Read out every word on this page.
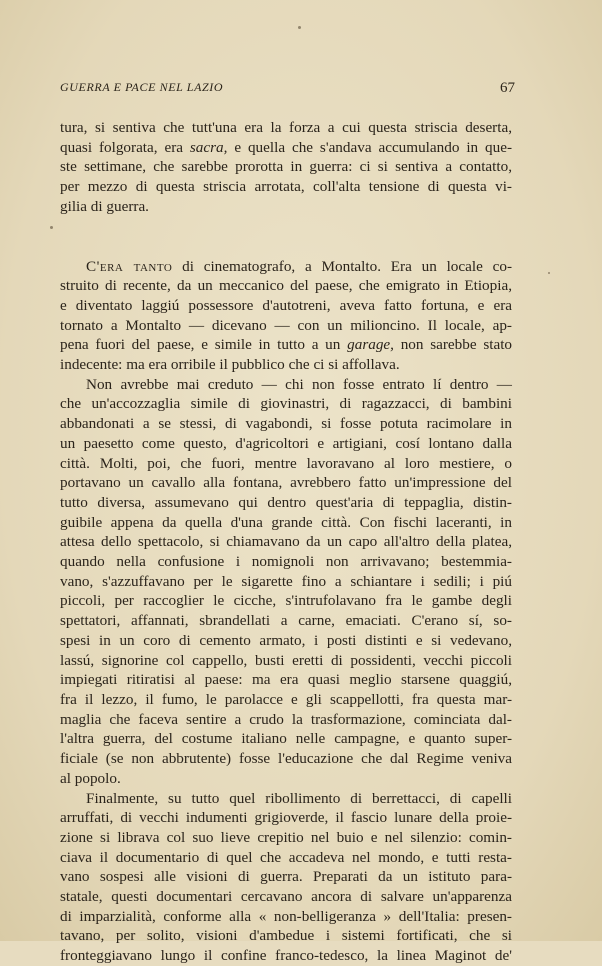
GUERRA E PACE NEL LAZIO	67

tura, si sentiva che tutt'una era la forza a cui questa striscia deserta,

quasi folgorata, era sacra, e quella che s'andava accumulando in que-

ste settimane, che sarebbe prorotta in guerra: ci si sentiva a contatto,

per mezzo di questa striscia arrotata, coll'alta tensione di questa vi-

gilia di guerra.

C'era tanto di cinematografo, a Montalto. Era un locale co-

struito di recente, da un meccanico del paese, che emigrato in Etiopia,

e diventato laggiú possessore d'autotreni, aveva fatto fortuna, e era

tornato a Montalto — dicevano — con un milioncino. Il locale, ap-

pena fuori del paese, e simile in tutto a un garage, non sarebbe stato

indecente: ma era orribile il pubblico che ci si affollava.

Non avrebbe mai creduto — chi non fosse entrato lí dentro —

che un'accozzaglia simile di giovinastri, di ragazzacci, di bambini

abbandonati a se stessi, di vagabondi, si fosse potuta racimolare in

un paesetto come questo, d'agricoltori e artigiani, cosí lontano dalla

città. Molti, poi, che fuori, mentre lavoravano al loro mestiere, o

portavano un cavallo alla fontana, avrebbero fatto un'impressione del

tutto diversa, assumevano qui dentro quest'aria di teppaglia, distin-

guibile appena da quella d'una grande città. Con fischi laceranti, in

attesa dello spettacolo, si chiamavano da un capo all'altro della platea,

quando nella confusione i nomignoli non arrivavano; bestemmia-

vano, s'azzuffavano per le sigarette fino a schiantare i sedili; i piú

piccoli, per raccoglier le cicche, s'intrufolavano fra le gambe degli

spettatori, affannati, sbrandellati a carne, emaciati. C'erano sí, so-

spesi in un coro di cemento armato, i posti distinti e si vedevano,

lassú, signorine col cappello, busti eretti di possidenti, vecchi piccoli

impiegati ritiratisi al paese: ma era quasi meglio starsene quaggiú,

fra il lezzo, il fumo, le parolacce e gli scappellotti, fra questa mar-

maglia che faceva sentire a crudo la trasformazione, cominciata dal-

l'altra guerra, del costume italiano nelle campagne, e quanto super-

ficiale (se non abbrutente) fosse l'educazione che dal Regime veniva

al popolo.

Finalmente, su tutto quel ribollimento di berrettacci, di capelli

arruffati, di vecchi indumenti grigioverde, il fascio lunare della proie-

zione si librava col suo lieve crepitio nel buio e nel silenzio: comin-

ciava il documentario di quel che accadeva nel mondo, e tutti resta-

vano sospesi alle visioni di guerra. Preparati da un istituto para-

statale, questi documentari cercavano ancora di salvare un'apparenza

di imparzialità, conforme alla « non-belligeranza » dell'Italia: presen-

tavano, per solito, visioni d'ambedue i sistemi fortificati, che si

fronteggiavano lungo il confine franco-tedesco, la linea Maginot de'
